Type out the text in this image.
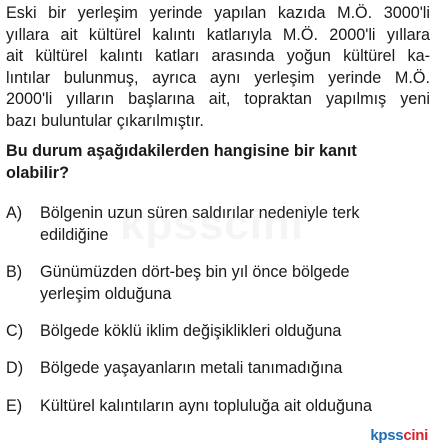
Eski bir yerleşim yerinde yapılan kazıda M.Ö. 3000'li
yıllara ait kültürel kalıntı katlarıyla M.Ö. 2000'li yıllara
ait kültürel kalıntı katları arasında yoğun kültürel ka-
lıntılar bulunmuş, ayrıca aynı yerleşim yerinde M.Ö.
2000'li yılların başlarına ait, topraktan yapılmış yeni
bazı buluntular çıkarılmıştır.
Bu durum aşağıdakilerden hangisine bir kanıt
olabilir?
A) Bölgenin uzun süren saldırılar nedeniyle terk
edildiğine
B) Günümüzden dört-beş bin yıl önce bölgede
yerleşim olduğuna
C) Bölgede köklü iklim değişiklikleri olduğuna
D) Bölgede yaşayanların metali tanımadığına
E) Kültürel kalıntıların aynı topluluğa ait olduğuna
kpsscini
